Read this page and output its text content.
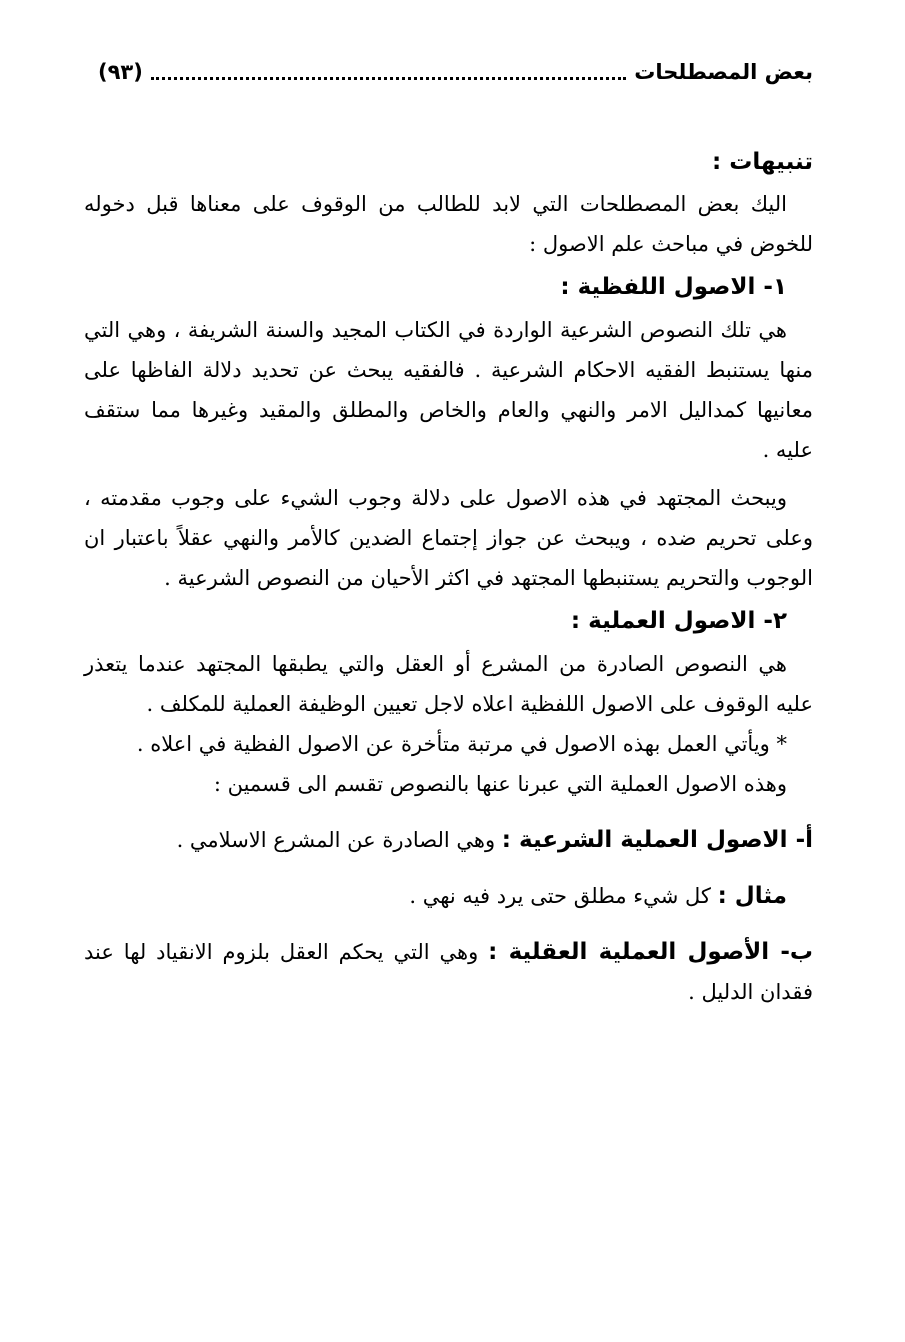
بعض المصطلحات
(٩٣)

تنبيهات :

اليك بعض المصطلحات التي لابد للطالب من الوقوف على معناها قبل دخوله للخوض في مباحث علم الاصول :

١- الاصول اللفظية :

هي تلك النصوص الشرعية الواردة في الكتاب المجيد والسنة الشريفة ، وهي التي منها يستنبط الفقيه الاحكام الشرعية . فالفقيه يبحث عن تحديد دلالة الفاظها على معانيها كمداليل الامر والنهي والعام والخاص والمطلق والمقيد وغيرها مما ستقف عليه .

ويبحث المجتهد في هذه الاصول على دلالة وجوب الشيء على وجوب مقدمته ، وعلى تحريم ضده ، ويبحث عن جواز إجتماع الضدين كالأمر والنهي عقلاً باعتبار ان الوجوب والتحريم يستنبطها المجتهد في اكثر الأحيان من النصوص الشرعية .

٢- الاصول العملية :

هي النصوص الصادرة من المشرع أو العقل والتي يطبقها المجتهد عندما يتعذر عليه الوقوف على الاصول اللفظية اعلاه لاجل تعيين الوظيفة العملية للمكلف .

* ويأتي العمل بهذه الاصول في مرتبة متأخرة عن الاصول الفظية في اعلاه .

وهذه الاصول العملية التي عبرنا عنها بالنصوص تقسم الى قسمين :

أ- الاصول العملية الشرعية : وهي الصادرة عن المشرع الاسلامي .

مثال : كل شيء مطلق حتى يرد فيه نهي .

ب- الأصول العملية العقلية : وهي التي يحكم العقل بلزوم الانقياد لها عند فقدان الدليل .
